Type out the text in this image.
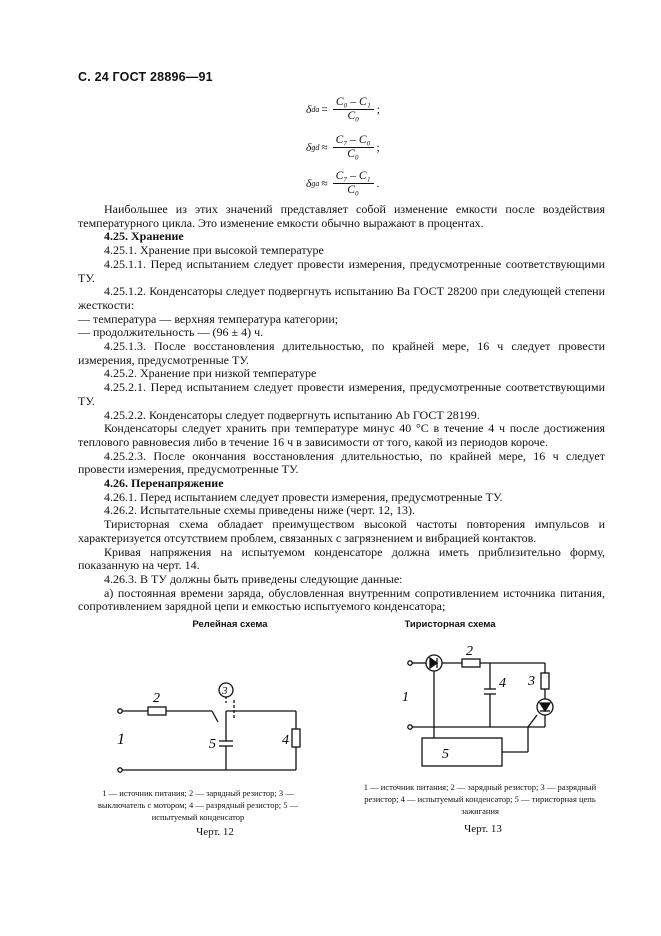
С. 24 ГОСТ 28896—91
δ da = $\frac{\text{C₀ – C₁}}{\text{C₀}}$ ;
δ gd ≈ $\frac{\text{C₇ – C₀}}{\text{C₀}}$ ;
δ ga ≈ $\frac{\text{C₇ – C₁}}{\text{C₀}}$ .

Наибольшее из этих значений представляет собой изменение емкости после воздействия температурного цикла. Это изменение емкости обычно выражают в процентах.

4.25. Хранение

4.25.1. Хранение при высокой температуре

4.25.1.1. Перед испытанием следует провести измерения, предусмотренные соответствующими ТУ.

4.25.1.2. Конденсаторы следует подвергнуть испытанию Ва ГОСТ 28200 при следующей степени жесткости:

— температура — верхняя температура категории;

— продолжительность — (96 ± 4) ч.

4.25.1.3. После восстановления длительностью, по крайней мере, 16 ч следует провести измерения, предусмотренные ТУ.

4.25.2. Хранение при низкой температуре

4.25.2.1. Перед испытанием следует провести измерения, предусмотренные соответствующими ТУ.

4.25.2.2. Конденсаторы следует подвергнуть испытанию Ab ГОСТ 28199.

Конденсаторы следует хранить при температуре минус 40 °С в течение 4 ч после достижения теплового равновесия либо в течение 16 ч в зависимости от того, какой из периодов короче.

4.25.2.3. После окончания восстановления длительностью, по крайней мере, 16 ч следует провести измерения, предусмотренные ТУ.

4.26. Перенапряжение

4.26.1. Перед испытанием следует провести измерения, предусмотренные ТУ.

4.26.2. Испытательные схемы приведены ниже (черт. 12, 13).

Тиристорная схема обладает преимуществом высокой частоты повторения импульсов и характеризуется отсутствием проблем, связанных с загрязнением и вибрацией контактов.

Кривая напряжения на испытуемом конденсаторе должна иметь приблизительно форму, показанную на черт. 14.

4.26.3. В ТУ должны быть приведены следующие данные:

а) постоянная времени заряда, обусловленная внутренним сопротивлением источника питания, сопротивлением зарядной цепи и емкостью испытуемого конденсатора;

Релейная схема
1
2	3
4
5
1 — источник питания; 2 — зарядный резистор; 3 — выключатель с мотором; 4 — разрядный резистор; 5 — испытуемый конденсатор
Черт. 12
Тиристорная схема
1
2
3
4
5
1 — источник питания; 2 — зарядный резистор; 3 — разрядный резистор; 4 — испытуемый конденсатор; 5 — тиристорная цепь зажигания
Черт. 13
